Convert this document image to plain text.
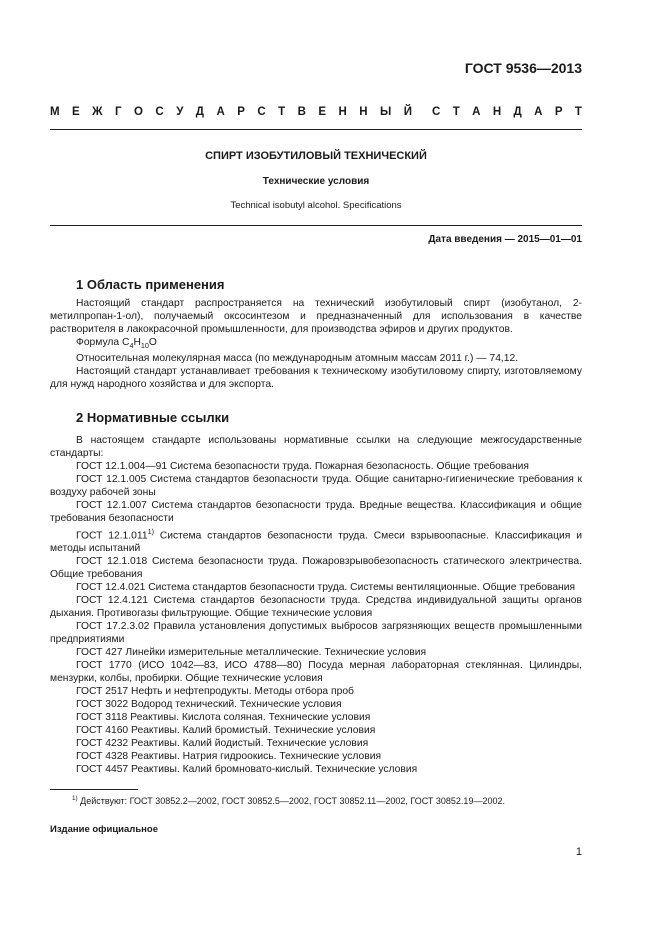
ГОСТ 9536—2013
М Е Ж Г О С У Д А Р С Т В Е Н Н Ы Й С Т А Н Д А Р Т
СПИРТ ИЗОБУТИЛОВЫЙ ТЕХНИЧЕСКИЙ
Технические условия
Technical isobutyl alcohol. Specifications
Дата введения — 2015—01—01
1 Область применения

Настоящий стандарт распространяется на технический изобутиловый спирт (изобутанол, 2-метилпропан-1-ол), получаемый оксосинтезом и предназначенный для использования в качестве растворителя в лакокрасочной промышленности, для производства эфиров и других продуктов.

Формула $C_4H_{10}O$

Относительная молекулярная масса (по международным атомным массам 2011 г.) — 74,12.

Настоящий стандарт устанавливает требования к техническому изобутиловому спирту, изготовляемому для нужд народного хозяйства и для экспорта.

2 Нормативные ссылки

В настоящем стандарте использованы нормативные ссылки на следующие межгосударственные стандарты:

ГОСТ 12.1.004—91 Система безопасности труда. Пожарная безопасность. Общие требования

ГОСТ 12.1.005 Система стандартов безопасности труда. Общие санитарно-гигиенические требования к воздуху рабочей зоны

ГОСТ 12.1.007 Система стандартов безопасности труда. Вредные вещества. Классификация и общие требования безопасности

ГОСТ 12.1.011$^{1)}$ Система стандартов безопасности труда. Смеси взрывоопасные. Классификация и методы испытаний

ГОСТ 12.1.018 Система безопасности труда. Пожаровзрывобезопасность статического электричества. Общие требования

ГОСТ 12.4.021 Система стандартов безопасности труда. Системы вентиляционные. Общие требования

ГОСТ 12.4.121 Система стандартов безопасности труда. Средства индивидуальной защиты органов дыхания. Противогазы фильтрующие. Общие технические условия

ГОСТ 17.2.3.02 Правила установления допустимых выбросов загрязняющих веществ промышленными предприятиями

ГОСТ 427 Линейки измерительные металлические. Технические условия

ГОСТ 1770 (ИСО 1042—83, ИСО 4788—80) Посуда мерная лабораторная стеклянная. Цилиндры, мензурки, колбы, пробирки. Общие технические условия

ГОСТ 2517 Нефть и нефтепродукты. Методы отбора проб

ГОСТ 3022 Водород технический. Технические условия

ГОСТ 3118 Реактивы. Кислота соляная. Технические условия

ГОСТ 4160 Реактивы. Калий бромистый. Технические условия

ГОСТ 4232 Реактивы. Калий йодистый. Технические условия

ГОСТ 4328 Реактивы. Натрия гидроокись. Технические условия

ГОСТ 4457 Реактивы. Калий бромновато-кислый. Технические условия

$^{1)}$ Действуют: ГОСТ 30852.2—2002, ГОСТ 30852.5—2002, ГОСТ 30852.11—2002, ГОСТ 30852.19—2002.
Издание официальное
1
